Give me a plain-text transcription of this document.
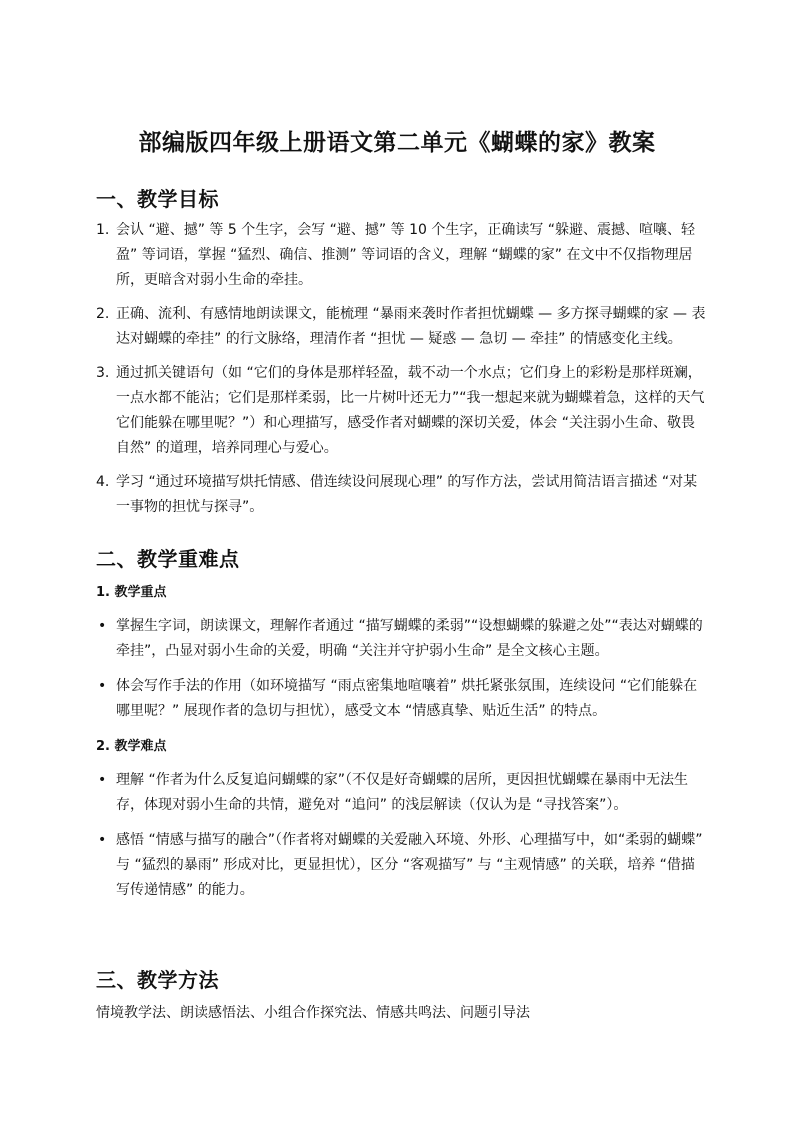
部编版四年级上册语文第二单元《蝴蝶的家》教案
一、教学目标
1. 会认 “避、撼” 等 5 个生字，会写 “避、撼” 等 10 个生字，正确读写 “躲避、震撼、喧嚷、轻盈” 等词语，掌握 “猛烈、确信、推测” 等词语的含义，理解 “蝴蝶的家” 在文中不仅指物理居所，更暗含对弱小生命的牵挂。
2. 正确、流利、有感情地朗读课文，能梳理 “暴雨来袭时作者担忧蝴蝶 — 多方探寻蝴蝶的家 — 表达对蝴蝶的牵挂” 的行文脉络，理清作者 “担忧 — 疑惑 — 急切 — 牵挂” 的情感变化主线。
3. 通过抓关键语句（如 “它们的身体是那样轻盈，载不动一个水点；它们身上的彩粉是那样斑斓，一点水都不能沾；它们是那样柔弱，比一片树叶还无力”“我一想起来就为蝴蝶着急，这样的天气它们能躲在哪里呢？”）和心理描写，感受作者对蝴蝶的深切关爱，体会 “关注弱小生命、敬畏自然” 的道理，培养同理心与爱心。
4. 学习 “通过环境描写烘托情感、借连续设问展现心理” 的写作方法，尝试用简洁语言描述 “对某一事物的担忧与探寻”。
二、教学重难点
1. 教学重点
• 掌握生字词，朗读课文，理解作者通过 “描写蝴蝶的柔弱”“设想蝴蝶的躲避之处”“表达对蝴蝶的牵挂”，凸显对弱小生命的关爱，明确 “关注并守护弱小生命” 是全文核心主题。
• 体会写作手法的作用（如环境描写 “雨点密集地喧嚷着” 烘托紧张氛围，连续设问 “它们能躲在哪里呢？” 展现作者的急切与担忧），感受文本 “情感真挚、贴近生活” 的特点。
2. 教学难点
• 理解 “作者为什么反复追问蝴蝶的家”（不仅是好奇蝴蝶的居所，更因担忧蝴蝶在暴雨中无法生存，体现对弱小生命的共情，避免对 “追问” 的浅层解读（仅认为是 “寻找答案”）。
• 感悟 “情感与描写的融合”（作者将对蝴蝶的关爱融入环境、外形、心理描写中，如“柔弱的蝴蝶” 与 “猛烈的暴雨” 形成对比，更显担忧），区分 “客观描写” 与 “主观情感” 的关联，培养 “借描写传递情感” 的能力。
三、教学方法
情境教学法、朗读感悟法、小组合作探究法、情感共鸣法、问题引导法
